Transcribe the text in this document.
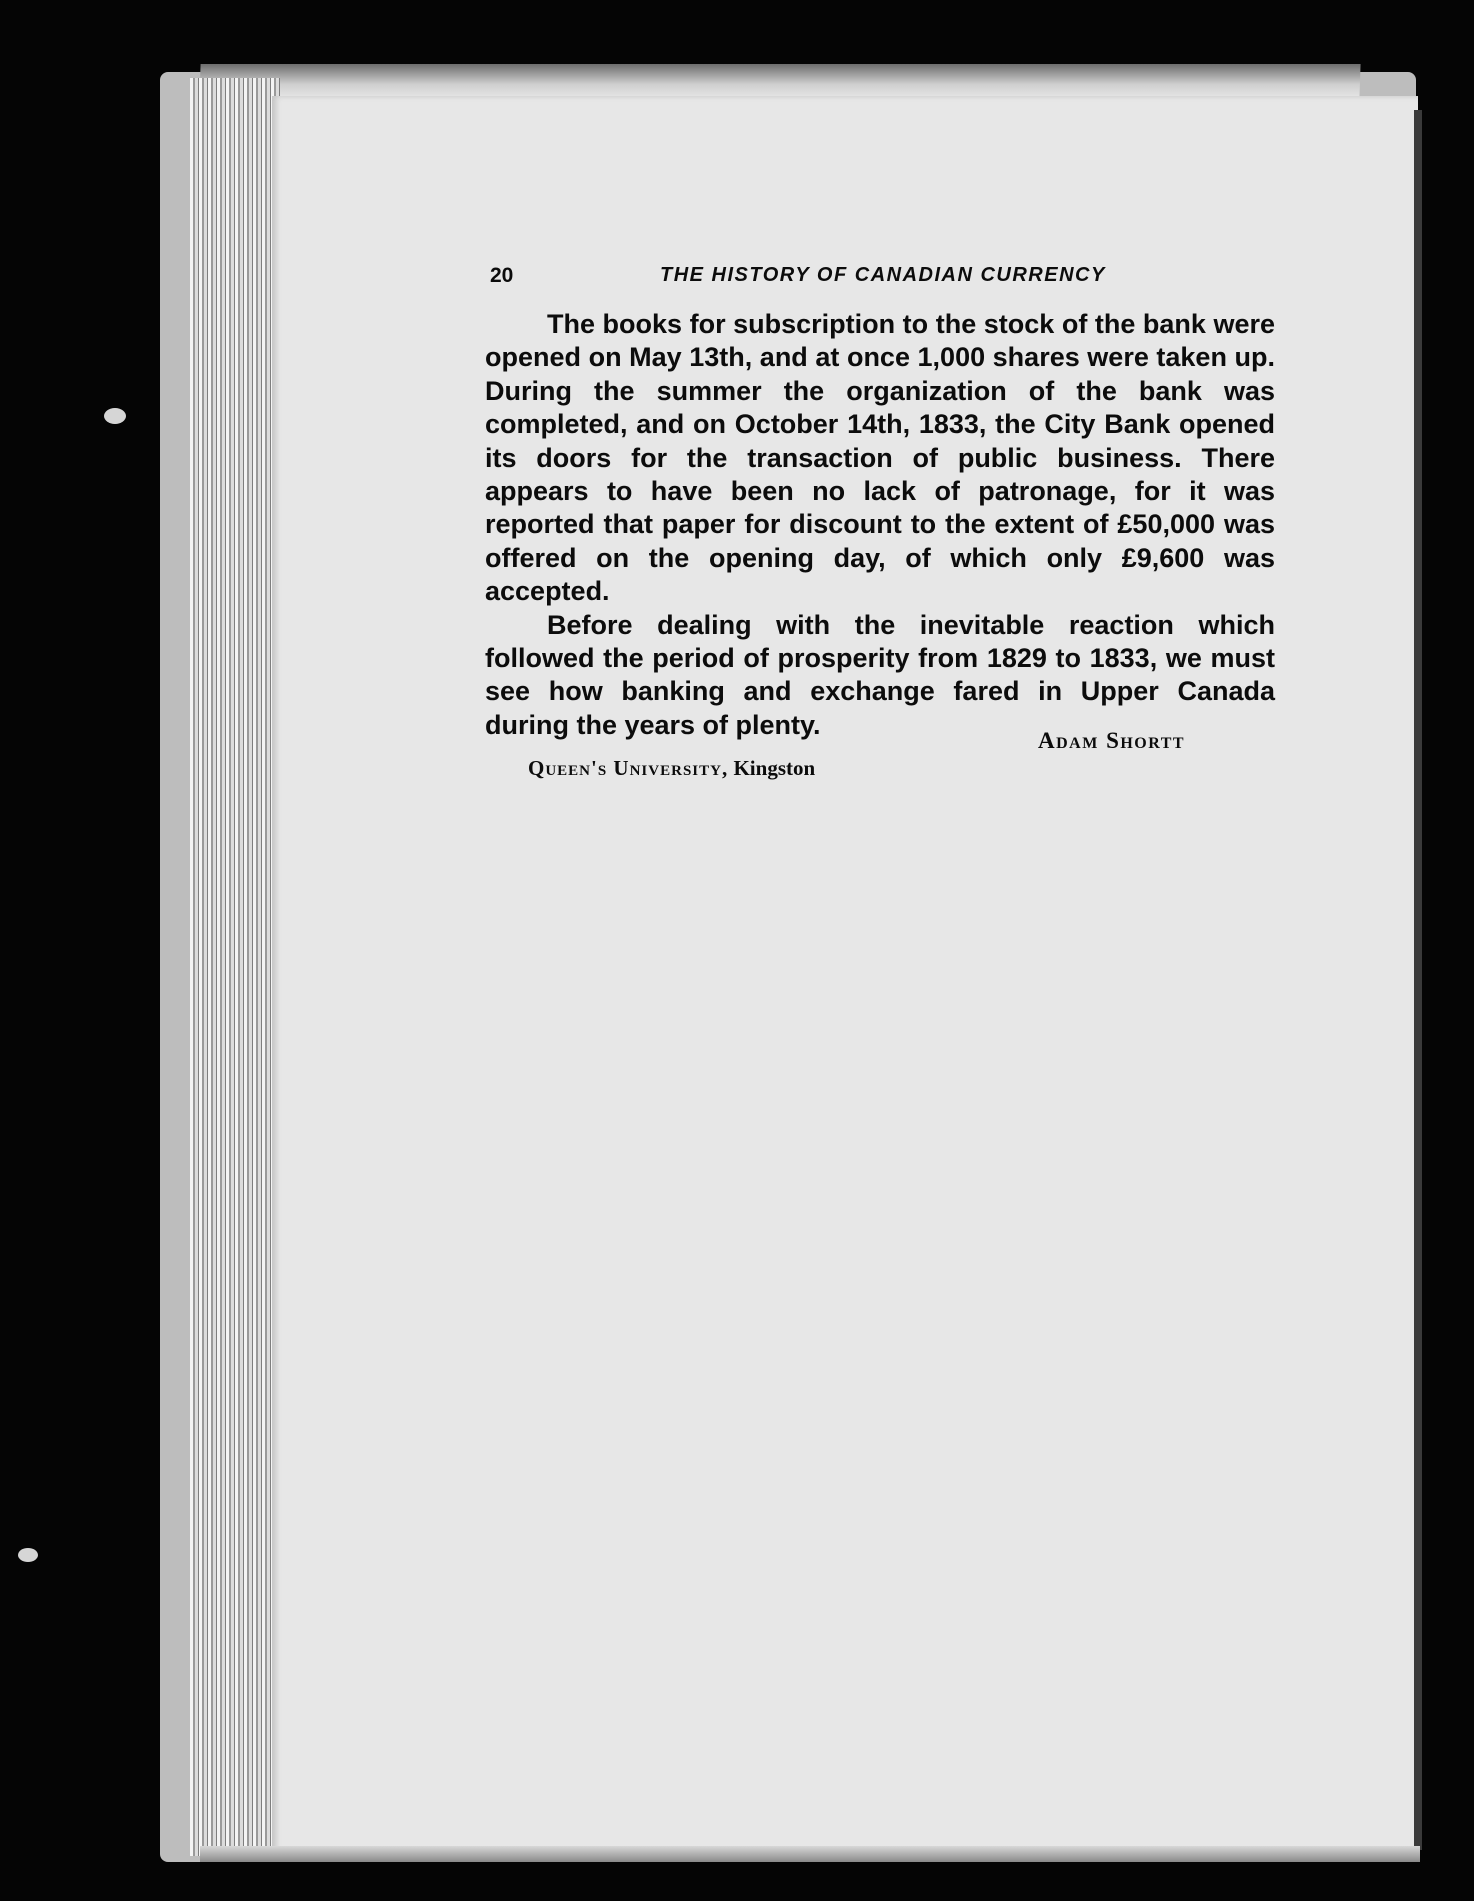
20	THE HISTORY OF CANADIAN CURRENCY

The books for subscription to the stock of the bank were opened on May 13th, and at once 1,000 shares were taken up. During the summer the organization of the bank was completed, and on October 14th, 1833, the City Bank opened its doors for the transaction of public business. There appears to have been no lack of patronage, for it was reported that paper for discount to the extent of £50,000 was offered on the opening day, of which only £9,600 was accepted.

Before dealing with the inevitable reaction which followed the period of prosperity from 1829 to 1833, we must see how banking and exchange fared in Upper Canada during the years of plenty.

Adam Shortt
Queen's University, Kingston
